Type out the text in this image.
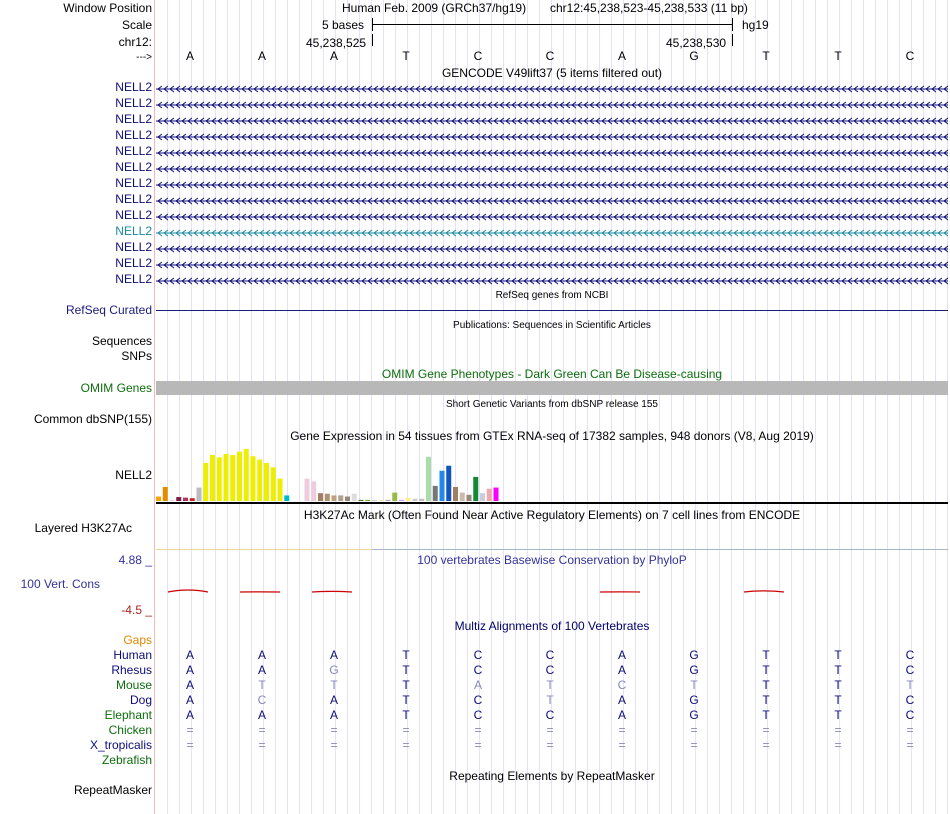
Window Position
Scale
chr12:
--->
Human Feb. 2009 (GRCh37/hg19) chr12:45,238,523-45,238,533 (11 bp)
5 bases	hg19
45,238,525	45,238,530
A	A	A	T	C	C	A	G	T	T	C
GENCODE V49lift37 (5 items filtered out)
NELL2
NELL2
NELL2
NELL2
NELL2
NELL2
NELL2
NELL2
NELL2
NELL2
NELL2
NELL2
NELL2
RefSeq genes from NCBI
RefSeq Curated
Publications: Sequences in Scientific Articles
Sequences
SNPs
OMIM Gene Phenotypes - Dark Green Can Be Disease-causing
OMIM Genes
Short Genetic Variants from dbSNP release 155
Common dbSNP(155)
Gene Expression in 54 tissues from GTEx RNA-seq of 17382 samples, 948 donors (V8, Aug 2019)
NELL2
H3K27Ac Mark (Often Found Near Active Regulatory Elements) on 7 cell lines from ENCODE
Layered H3K27Ac
100 vertebrates Basewise Conservation by PhyloP
4.88 _
100 Vert. Cons
-4.5 _
Multiz Alignments of 100 Vertebrates
Gaps
Human	A	A	A	T	C	C	A	G	T	T	C
Rhesus	A	A	G	T	C	C	A	G	T	T	C
Mouse	A	T	T	T	A	T	C	T	T	T	T
Dog	A	C	A	T	C	T	A	G	T	T	C
Elephant	A	A	A	T	C	C	A	G	T	T	C
Chicken	=	=	=	=	=	=	=	=	=	=	=
X_tropicalis	=	=	=	=	=	=	=	=	=	=	=
Zebrafish
Repeating Elements by RepeatMasker
RepeatMasker
